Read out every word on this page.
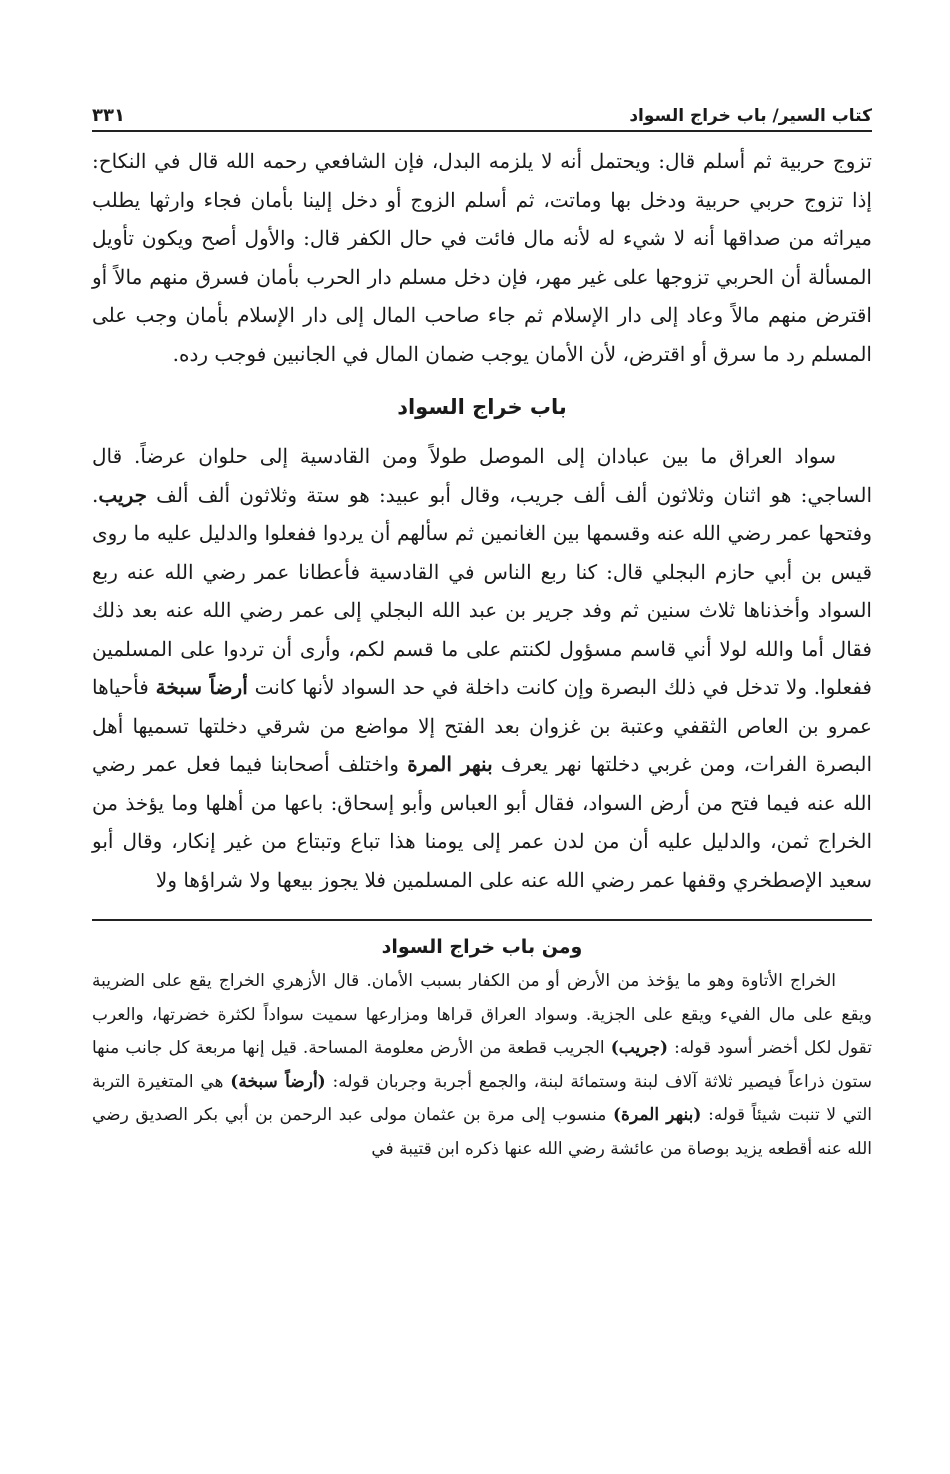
كتاب السير/ باب خراج السواد
٣٣١

تزوج حربية ثم أسلم قال: ويحتمل أنه لا يلزمه البدل، فإن الشافعي رحمه الله قال في النكاح: إذا تزوج حربي حربية ودخل بها وماتت، ثم أسلم الزوج أو دخل إلينا بأمان فجاء وارثها يطلب ميراثه من صداقها أنه لا شيء له لأنه مال فائت في حال الكفر قال: والأول أصح ويكون تأويل المسألة أن الحربي تزوجها على غير مهر، فإن دخل مسلم دار الحرب بأمان فسرق منهم مالاً أو اقترض منهم مالاً وعاد إلى دار الإسلام ثم جاء صاحب المال إلى دار الإسلام بأمان وجب على المسلم رد ما سرق أو اقترض، لأن الأمان يوجب ضمان المال في الجانبين فوجب رده.

باب خراج السواد

سواد العراق ما بين عبادان إلى الموصل طولاً ومن القادسية إلى حلوان عرضاً. قال الساجي: هو اثنان وثلاثون ألف ألف جريب، وقال أبو عبيد: هو ستة وثلاثون ألف ألف جريب. وفتحها عمر رضي الله عنه وقسمها بين الغانمين ثم سألهم أن يردوا ففعلوا والدليل عليه ما روى قيس بن أبي حازم البجلي قال: كنا ربع الناس في القادسية فأعطانا عمر رضي الله عنه ربع السواد وأخذناها ثلاث سنين ثم وفد جرير بن عبد الله البجلي إلى عمر رضي الله عنه بعد ذلك فقال أما والله لولا أني قاسم مسؤول لكنتم على ما قسم لكم، وأرى أن تردوا على المسلمين ففعلوا. ولا تدخل في ذلك البصرة وإن كانت داخلة في حد السواد لأنها كانت أرضاً سبخة فأحياها عمرو بن العاص الثقفي وعتبة بن غزوان بعد الفتح إلا مواضع من شرقي دخلتها تسميها أهل البصرة الفرات، ومن غربي دخلتها نهر يعرف بنهر المرة واختلف أصحابنا فيما فعل عمر رضي الله عنه فيما فتح من أرض السواد، فقال أبو العباس وأبو إسحاق: باعها من أهلها وما يؤخذ من الخراج ثمن، والدليل عليه أن من لدن عمر إلى يومنا هذا تباع وتبتاع من غير إنكار، وقال أبو سعيد الإصطخري وقفها عمر رضي الله عنه على المسلمين فلا يجوز بيعها ولا شراؤها ولا

ومن باب خراج السواد

الخراج الأتاوة وهو ما يؤخذ من الأرض أو من الكفار بسبب الأمان. قال الأزهري الخراج يقع على الضريبة ويقع على مال الفيء ويقع على الجزية. وسواد العراق قراها ومزارعها سميت سواداً لكثرة خضرتها، والعرب تقول لكل أخضر أسود قوله: (جريب) الجريب قطعة من الأرض معلومة المساحة. قيل إنها مربعة كل جانب منها ستون ذراعاً فيصير ثلاثة آلاف لبنة وستمائة لبنة، والجمع أجربة وجربان قوله: (أرضاً سبخة) هي المتغيرة التربة التي لا تنبت شيئاً قوله: (بنهر المرة) منسوب إلى مرة بن عثمان مولى عبد الرحمن بن أبي بكر الصديق رضي الله عنه أقطعه يزيد بوصاة من عائشة رضي الله عنها ذكره ابن قتيبة في
